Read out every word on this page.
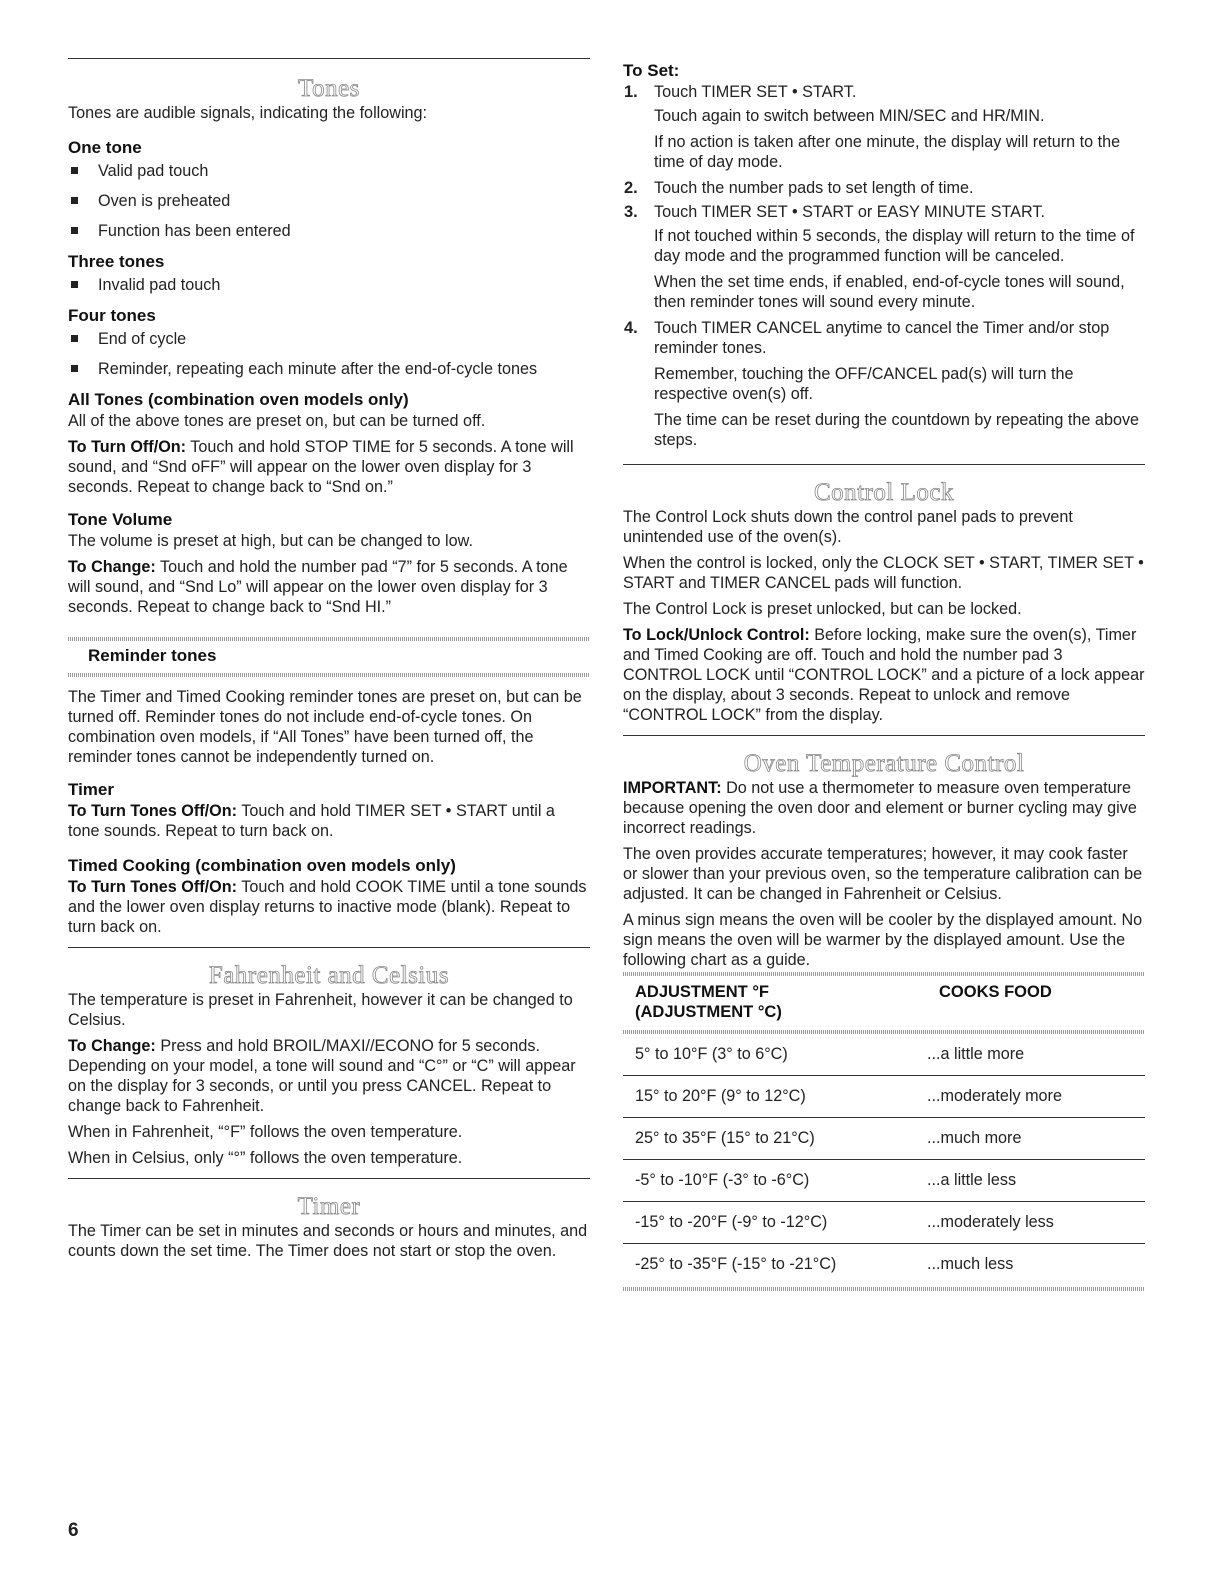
Tones

Tones are audible signals, indicating the following:

One tone
Valid pad touch
Oven is preheated
Function has been entered
Three tones
Invalid pad touch
Four tones
End of cycle
Reminder, repeating each minute after the end-of-cycle tones
All Tones (combination oven models only)

All of the above tones are preset on, but can be turned off.

To Turn Off/On: Touch and hold STOP TIME for 5 seconds. A tone will sound, and “Snd oFF” will appear on the lower oven display for 3 seconds. Repeat to change back to “Snd on.”

Tone Volume

The volume is preset at high, but can be changed to low.

To Change: Touch and hold the number pad “7” for 5 seconds. A tone will sound, and “Snd Lo” will appear on the lower oven display for 3 seconds. Repeat to change back to “Snd HI.”

Reminder tones

The Timer and Timed Cooking reminder tones are preset on, but can be turned off. Reminder tones do not include end-of-cycle tones. On combination oven models, if “All Tones” have been turned off, the reminder tones cannot be independently turned on.

Timer

To Turn Tones Off/On: Touch and hold TIMER SET • START until a tone sounds. Repeat to turn back on.

Timed Cooking (combination oven models only)

To Turn Tones Off/On: Touch and hold COOK TIME until a tone sounds and the lower oven display returns to inactive mode (blank). Repeat to turn back on.

Fahrenheit and Celsius

The temperature is preset in Fahrenheit, however it can be changed to Celsius.

To Change: Press and hold BROIL/MAXI//ECONO for 5 seconds. Depending on your model, a tone will sound and “C°” or “C” will appear on the display for 3 seconds, or until you press CANCEL. Repeat to change back to Fahrenheit.

When in Fahrenheit, “°F” follows the oven temperature.

When in Celsius, only “°” follows the oven temperature.

Timer

The Timer can be set in minutes and seconds or hours and minutes, and counts down the set time. The Timer does not start or stop the oven.

To Set:
1. Touch TIMER SET • START.

Touch again to switch between MIN/SEC and HR/MIN.

If no action is taken after one minute, the display will return to the time of day mode.

2. Touch the number pads to set length of time.

3. Touch TIMER SET • START or EASY MINUTE START.

If not touched within 5 seconds, the display will return to the time of day mode and the programmed function will be canceled.

When the set time ends, if enabled, end-of-cycle tones will sound, then reminder tones will sound every minute.

4. Touch TIMER CANCEL anytime to cancel the Timer and/or stop reminder tones.

Remember, touching the OFF/CANCEL pad(s) will turn the respective oven(s) off.

The time can be reset during the countdown by repeating the above steps.

Control Lock

The Control Lock shuts down the control panel pads to prevent unintended use of the oven(s).

When the control is locked, only the CLOCK SET • START, TIMER SET • START and TIMER CANCEL pads will function.

The Control Lock is preset unlocked, but can be locked.

To Lock/Unlock Control: Before locking, make sure the oven(s), Timer and Timed Cooking are off. Touch and hold the number pad 3 CONTROL LOCK until “CONTROL LOCK” and a picture of a lock appear on the display, about 3 seconds. Repeat to unlock and remove “CONTROL LOCK” from the display.

Oven Temperature Control

IMPORTANT: Do not use a thermometer to measure oven temperature because opening the oven door and element or burner cycling may give incorrect readings.

The oven provides accurate temperatures; however, it may cook faster or slower than your previous oven, so the temperature calibration can be adjusted. It can be changed in Fahrenheit or Celsius.

A minus sign means the oven will be cooler by the displayed amount. No sign means the oven will be warmer by the displayed amount. Use the following chart as a guide.

ADJUSTMENT °F
(ADJUSTMENT °C)	COOKS FOOD
5° to 10°F (3° to 6°C)	...a little more
15° to 20°F (9° to 12°C)	...moderately more
25° to 35°F (15° to 21°C)	...much more
-5° to -10°F (-3° to -6°C)	...a little less
-15° to -20°F (-9° to -12°C)	...moderately less
-25° to -35°F (-15° to -21°C)	...much less
6
